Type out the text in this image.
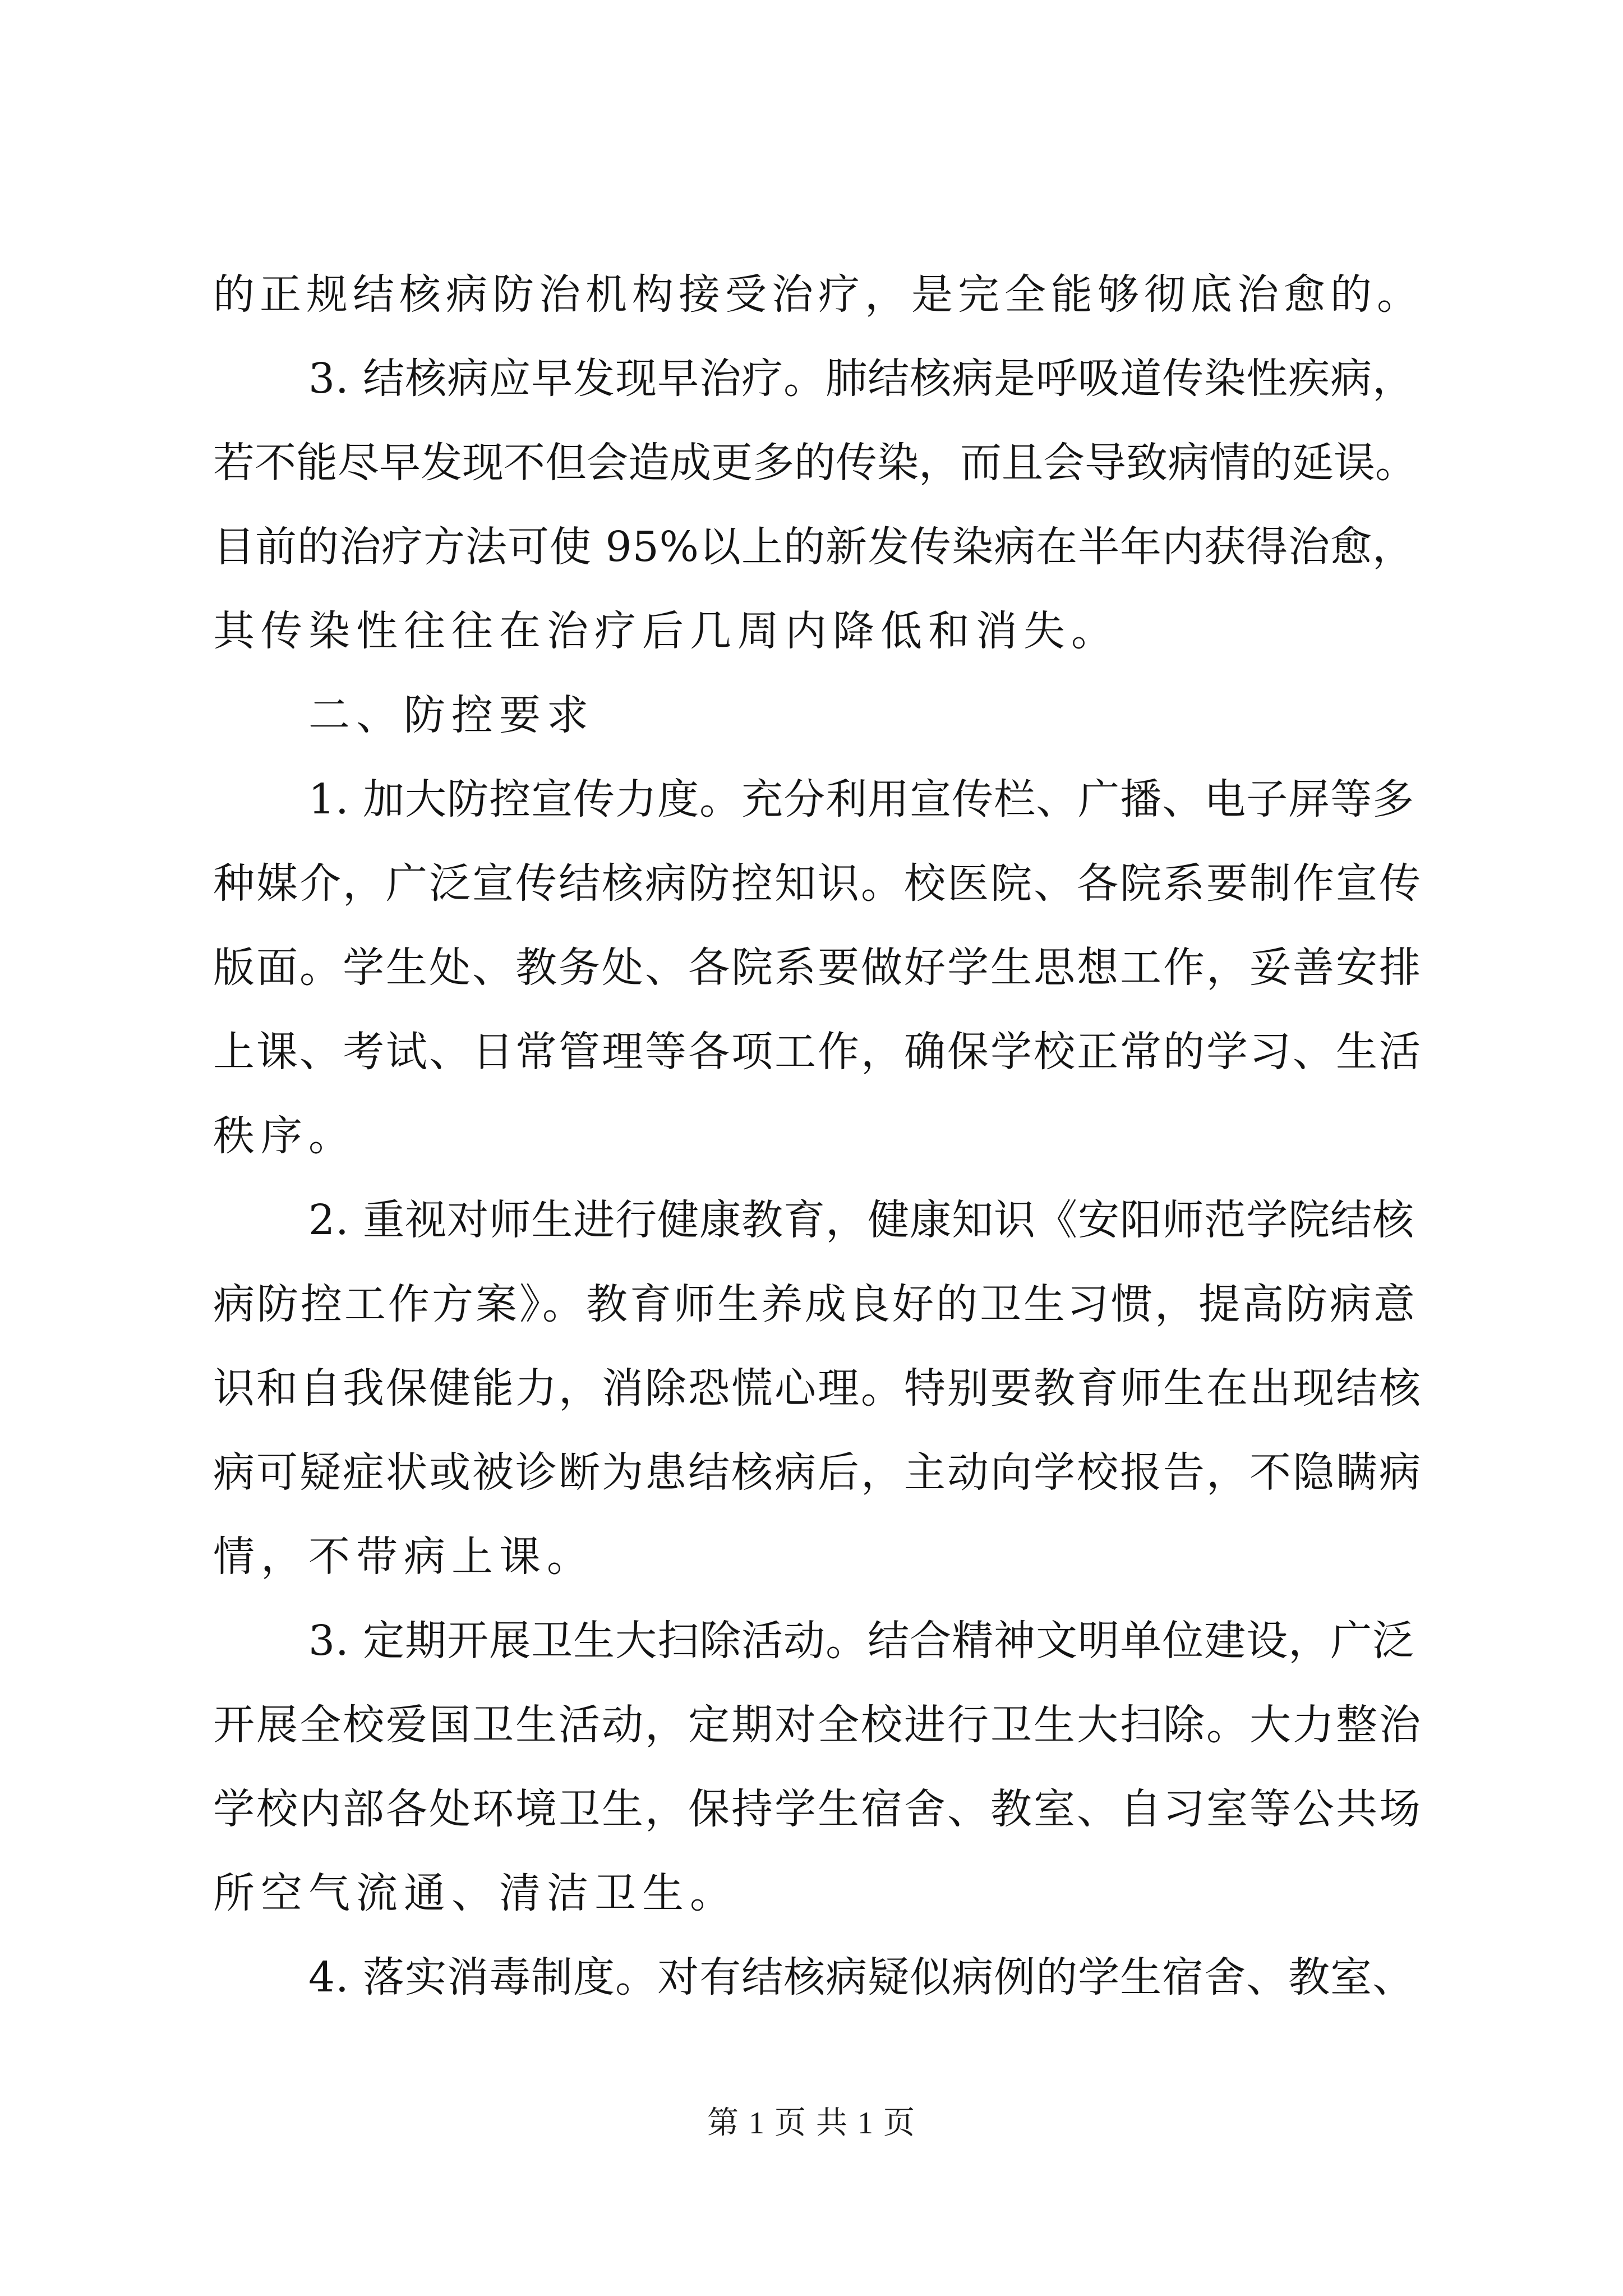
的正规结核病防治机构接受治疗，是完全能够彻底治愈的。

3. 结核病应早发现早治疗。肺结核病是呼吸道传染性疾病，
若不能尽早发现不但会造成更多的传染，而且会导致病情的延误。
目前的治疗方法可使 95%以上的新发传染病在半年内获得治愈，
其传染性往往在治疗后几周内降低和消失。

二、防控要求

1. 加大防控宣传力度。充分利用宣传栏、广播、电子屏等多
种媒介，广泛宣传结核病防控知识。校医院、各院系要制作宣传
版面。学生处、教务处、各院系要做好学生思想工作，妥善安排
上课、考试、日常管理等各项工作，确保学校正常的学习、生活
秩序。

2. 重视对师生进行健康教育，健康知识《安阳师范学院结核
病防控工作方案》。教育师生养成良好的卫生习惯，提高防病意
识和自我保健能力，消除恐慌心理。特别要教育师生在出现结核
病可疑症状或被诊断为患结核病后，主动向学校报告，不隐瞒病
情，不带病上课。

3. 定期开展卫生大扫除活动。结合精神文明单位建设，广泛
开展全校爱国卫生活动，定期对全校进行卫生大扫除。大力整治
学校内部各处环境卫生，保持学生宿舍、教室、自习室等公共场
所空气流通、清洁卫生。

4. 落实消毒制度。对有结核病疑似病例的学生宿舍、教室、

第 1 页 共 1 页
